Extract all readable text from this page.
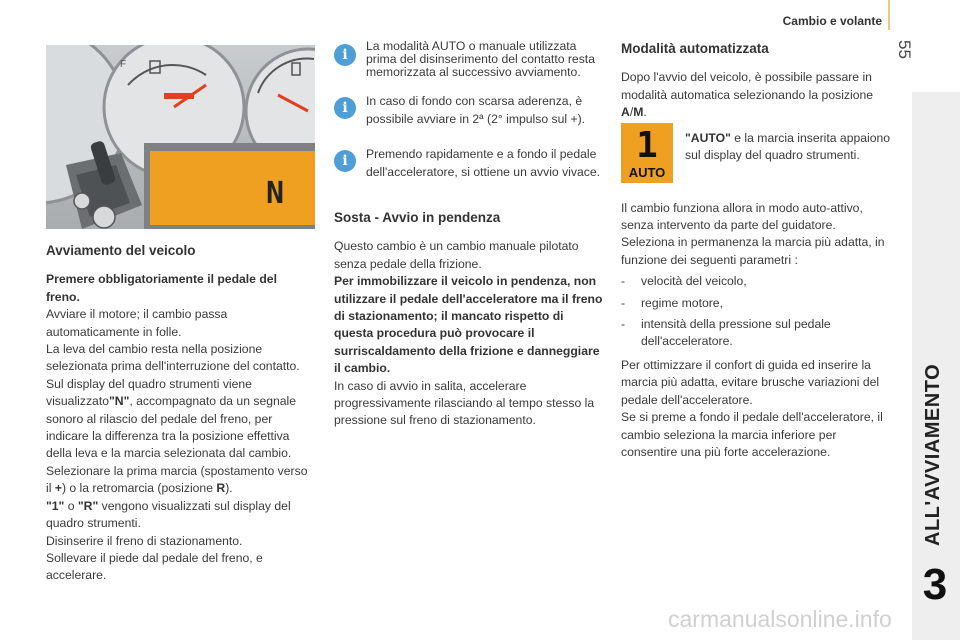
Cambio e volante
55
ALL'AVVIAMENTO
3
F
N
Avviamento del veicolo
Premere obbligatoriamente il pedale del freno.
Avviare il motore; il cambio passa automaticamente in folle.
La leva del cambio resta nella posizione selezionata prima dell'interruzione del contatto.
Sul display del quadro strumenti viene visualizzato"N", accompagnato da un segnale sonoro al rilascio del pedale del freno, per indicare la differenza tra la posizione effettiva della leva e la marcia selezionata dal cambio.
Selezionare la prima marcia (spostamento verso il +) o la retromarcia (posizione R).
"1" o "R" vengono visualizzati sul display del quadro strumenti.
Disinserire il freno di stazionamento.
Sollevare il piede dal pedale del freno, e accelerare.
i
La modalità AUTO o manuale utilizzata prima del disinserimento del contatto resta memorizzata al successivo avviamento.
i	In caso di fondo con scarsa aderenza, è possibile avviare in 2ª (2° impulso sul +).
i	Premendo rapidamente e a fondo il pedale dell'acceleratore, si ottiene un avvio vivace.
Sosta - Avvio in pendenza
Questo cambio è un cambio manuale pilotato senza pedale della frizione.
Per immobilizzare il veicolo in pendenza, non utilizzare il pedale dell'acceleratore ma il freno di stazionamento; il mancato rispetto di questa procedura può provocare il surriscaldamento della frizione e danneggiare il cambio.
In caso di avvio in salita, accelerare progressivamente rilasciando al tempo stesso la pressione sul freno di stazionamento.
Modalità automatizzata
Dopo l'avvio del veicolo, è possibile passare in modalità automatica selezionando la posizione A/M.
"AUTO" e la marcia inserita appaiono sul display del quadro strumenti.
Il cambio funziona allora in modo auto-attivo, senza intervento da parte del guidatore.
Seleziona in permanenza la marcia più adatta, in funzione dei seguenti parametri :
- velocità del veicolo,
- regime motore,
- intensità della pressione sul pedale dell'acceleratore.
Per ottimizzare il confort di guida ed inserire la marcia più adatta, evitare brusche variazioni del pedale dell'acceleratore.
Se si preme a fondo il pedale dell'acceleratore, il cambio seleziona la marcia inferiore per consentire una più forte accelerazione.
1
AUTO
carmanualsonline.info
